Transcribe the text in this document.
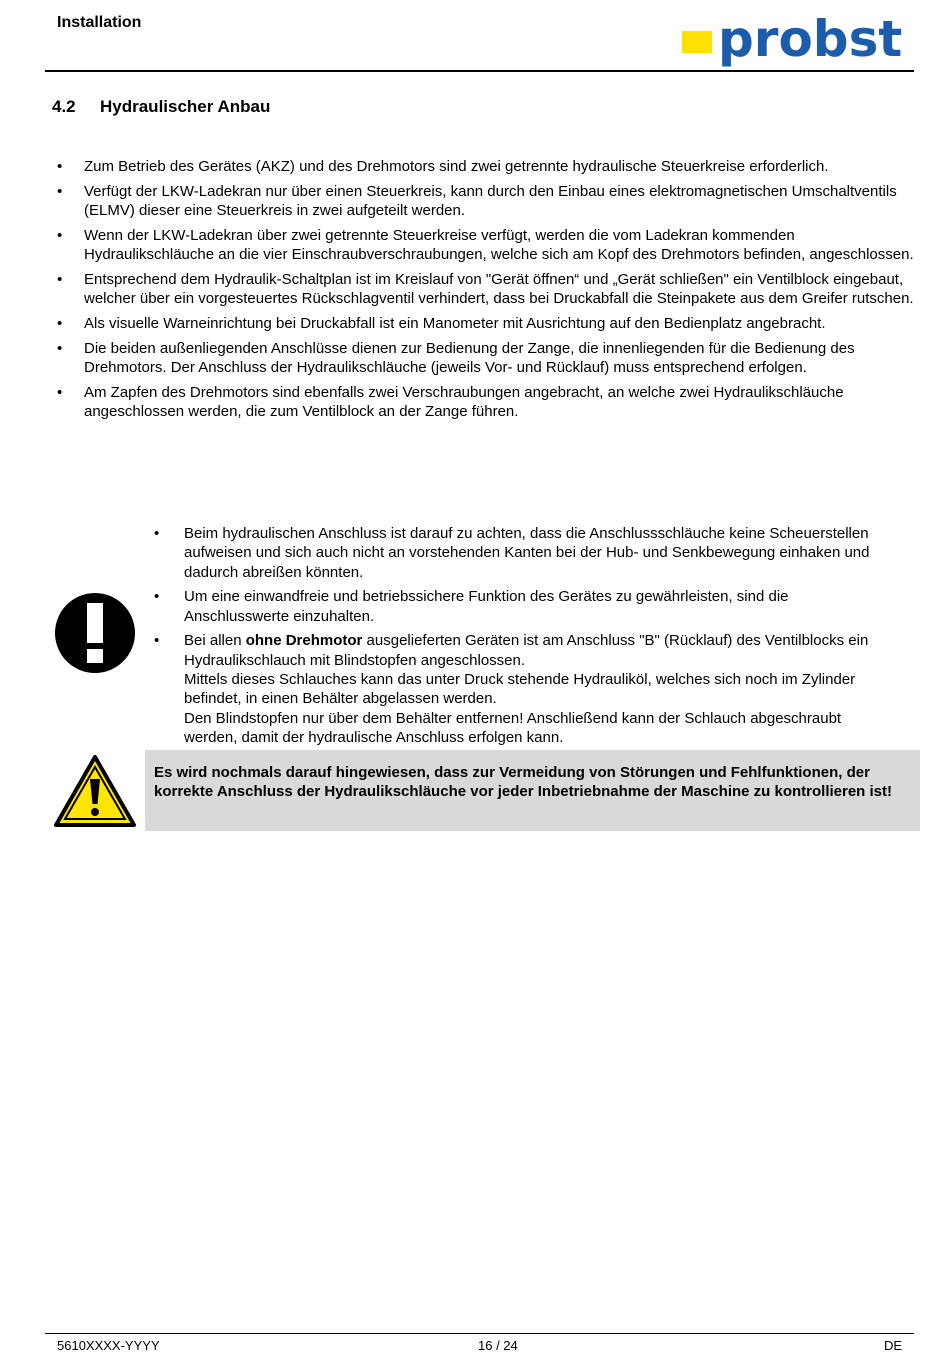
Installation	probst
4.2 Hydraulischer Anbau
• Zum Betrieb des Gerätes (AKZ) und des Drehmotors sind zwei getrennte hydraulische Steuerkreise erforderlich.
• Verfügt der LKW-Ladekran nur über einen Steuerkreis, kann durch den Einbau eines elektromagnetischen Umschaltventils (ELMV) dieser eine Steuerkreis in zwei aufgeteilt werden.
• Wenn der LKW-Ladekran über zwei getrennte Steuerkreise verfügt, werden die vom Ladekran kommenden Hydraulikschläuche an die vier Einschraubverschraubungen, welche sich am Kopf des Drehmotors befinden, angeschlossen.
• Entsprechend dem Hydraulik-Schaltplan ist im Kreislauf von "Gerät öffnen“ und „Gerät schließen" ein Ventilblock eingebaut, welcher über ein vorgesteuertes Rückschlagventil verhindert, dass bei Druckabfall die Steinpakete aus dem Greifer rutschen.
• Als visuelle Warneinrichtung bei Druckabfall ist ein Manometer mit Ausrichtung auf den Bedienplatz angebracht.
• Die beiden außenliegenden Anschlüsse dienen zur Bedienung der Zange, die innenliegenden für die Bedienung des Drehmotors. Der Anschluss der Hydraulikschläuche (jeweils Vor- und Rücklauf) muss entsprechend erfolgen.
• Am Zapfen des Drehmotors sind ebenfalls zwei Verschraubungen angebracht, an welche zwei Hydraulikschläuche angeschlossen werden, die zum Ventilblock an der Zange führen.
• Beim hydraulischen Anschluss ist darauf zu achten, dass die Anschlussschläuche keine Scheuerstellen aufweisen und sich auch nicht an vorstehenden Kanten bei der Hub- und Senkbewegung einhaken und dadurch abreißen könnten.
• Um eine einwandfreie und betriebssichere Funktion des Gerätes zu gewährleisten, sind die Anschlusswerte einzuhalten.
• Bei allen ohne Drehmotor ausgelieferten Geräten ist am Anschluss "B" (Rücklauf) des Ventilblocks ein Hydraulikschlauch mit Blindstopfen angeschlossen.
Mittels dieses Schlauches kann das unter Druck stehende Hydrauliköl, welches sich noch im Zylinder befindet, in einen Behälter abgelassen werden.
Den Blindstopfen nur über dem Behälter entfernen! Anschließend kann der Schlauch abgeschraubt werden, damit der hydraulische Anschluss erfolgen kann.
Es wird nochmals darauf hingewiesen, dass zur Vermeidung von Störungen und Fehlfunktionen, der korrekte Anschluss der Hydraulikschläuche vor jeder Inbetriebnahme der Maschine zu kontrollieren ist!
5610XXXX-YYYY	16 / 24	DE
